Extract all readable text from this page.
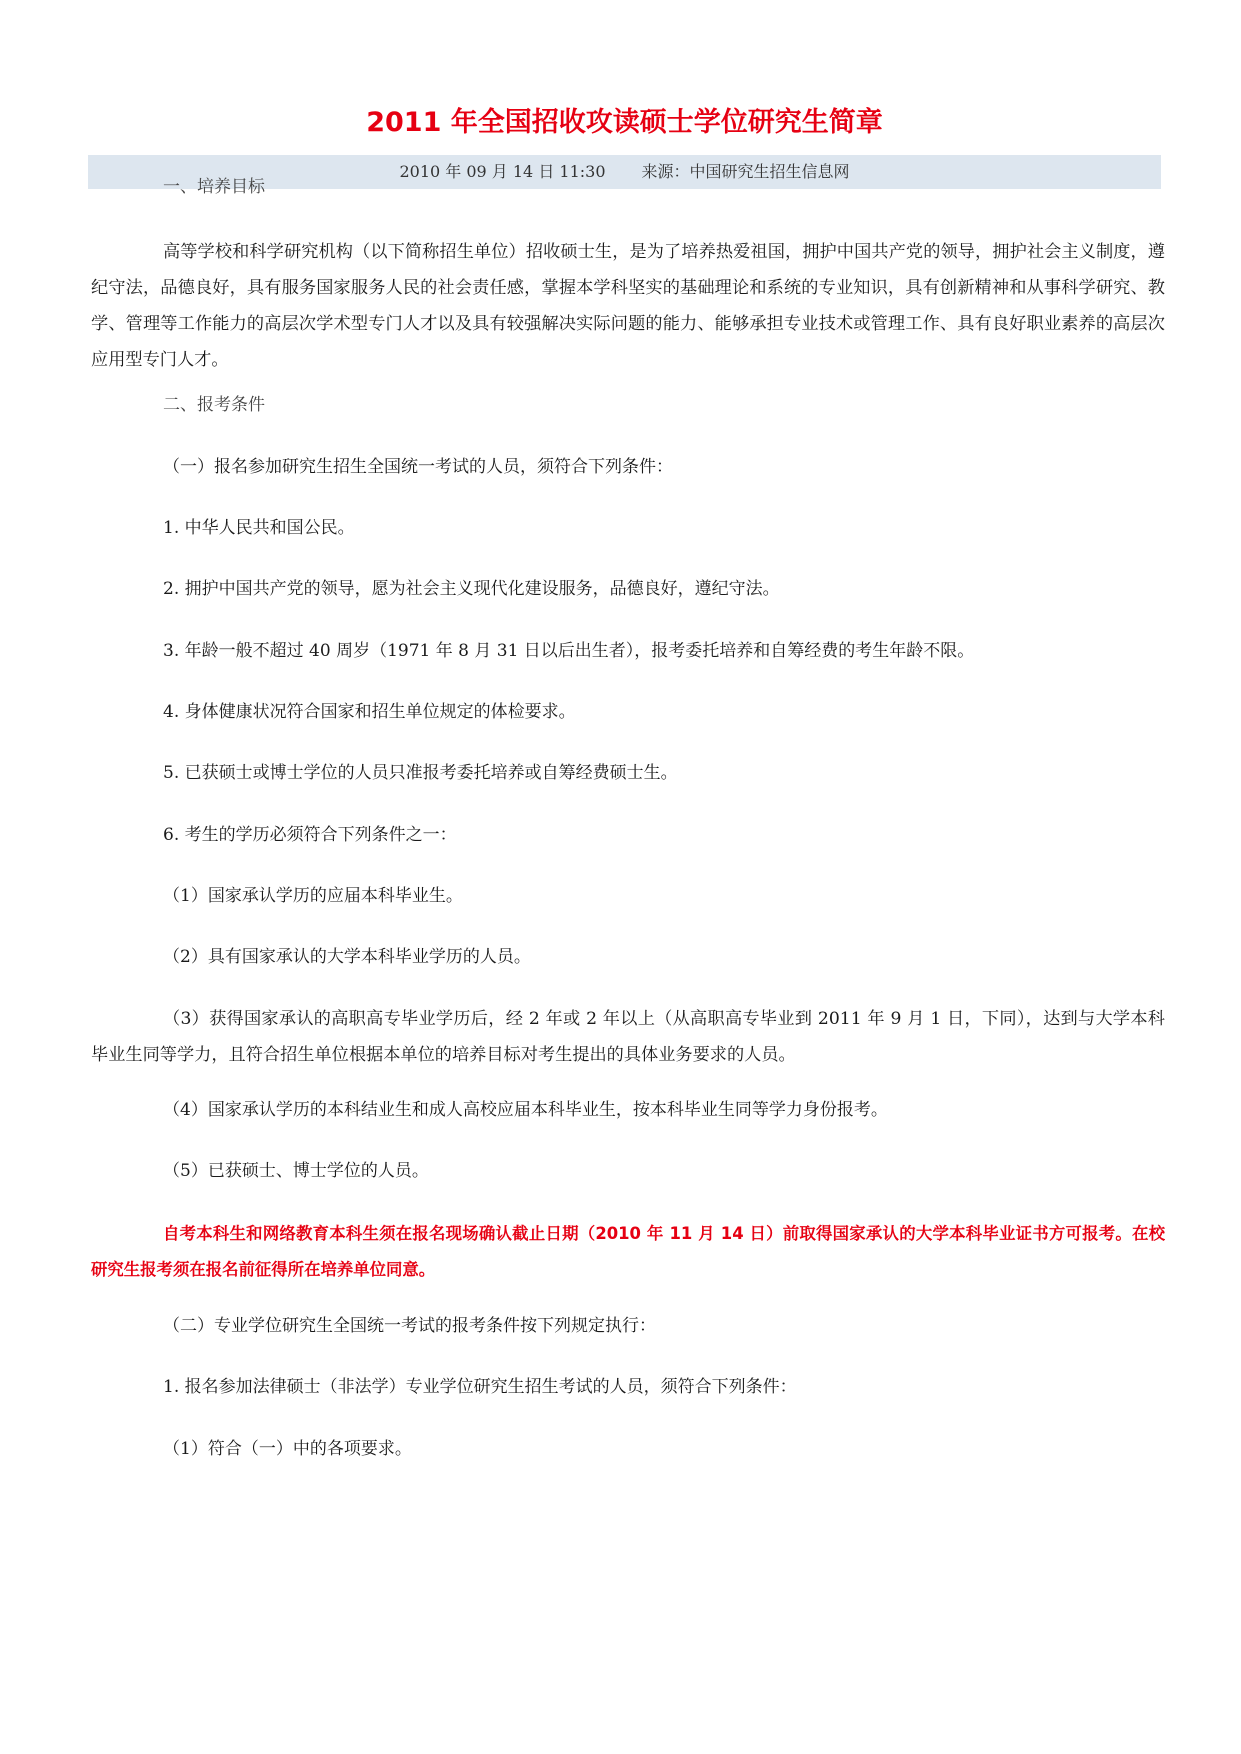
2011 年全国招收攻读硕士学位研究生简章
2010 年 09 月 14 日 11:30 来源：中国研究生招生信息网

一、培养目标

高等学校和科学研究机构（以下简称招生单位）招收硕士生，是为了培养热爱祖国，拥护中国共产党的领导，拥护社会主义制度，遵纪守法，品德良好，具有服务国家服务人民的社会责任感，掌握本学科坚实的基础理论和系统的专业知识，具有创新精神和从事科学研究、教学、管理等工作能力的高层次学术型专门人才以及具有较强解决实际问题的能力、能够承担专业技术或管理工作、具有良好职业素养的高层次应用型专门人才。

二、报考条件

（一）报名参加研究生招生全国统一考试的人员，须符合下列条件：

1. 中华人民共和国公民。

2. 拥护中国共产党的领导，愿为社会主义现代化建设服务，品德良好，遵纪守法。

3. 年龄一般不超过 40 周岁（1971 年 8 月 31 日以后出生者），报考委托培养和自筹经费的考生年龄不限。

4. 身体健康状况符合国家和招生单位规定的体检要求。

5. 已获硕士或博士学位的人员只准报考委托培养或自筹经费硕士生。

6. 考生的学历必须符合下列条件之一：

（1）国家承认学历的应届本科毕业生。

（2）具有国家承认的大学本科毕业学历的人员。

（3）获得国家承认的高职高专毕业学历后，经 2 年或 2 年以上（从高职高专毕业到 2011 年 9 月 1 日，下同），达到与大学本科毕业生同等学力，且符合招生单位根据本单位的培养目标对考生提出的具体业务要求的人员。

（4）国家承认学历的本科结业生和成人高校应届本科毕业生，按本科毕业生同等学力身份报考。

（5）已获硕士、博士学位的人员。

自考本科生和网络教育本科生须在报名现场确认截止日期（2010 年 11 月 14 日）前取得国家承认的大学本科毕业证书方可报考。在校研究生报考须在报名前征得所在培养单位同意。

（二）专业学位研究生全国统一考试的报考条件按下列规定执行：

1. 报名参加法律硕士（非法学）专业学位研究生招生考试的人员，须符合下列条件：

（1）符合（一）中的各项要求。
